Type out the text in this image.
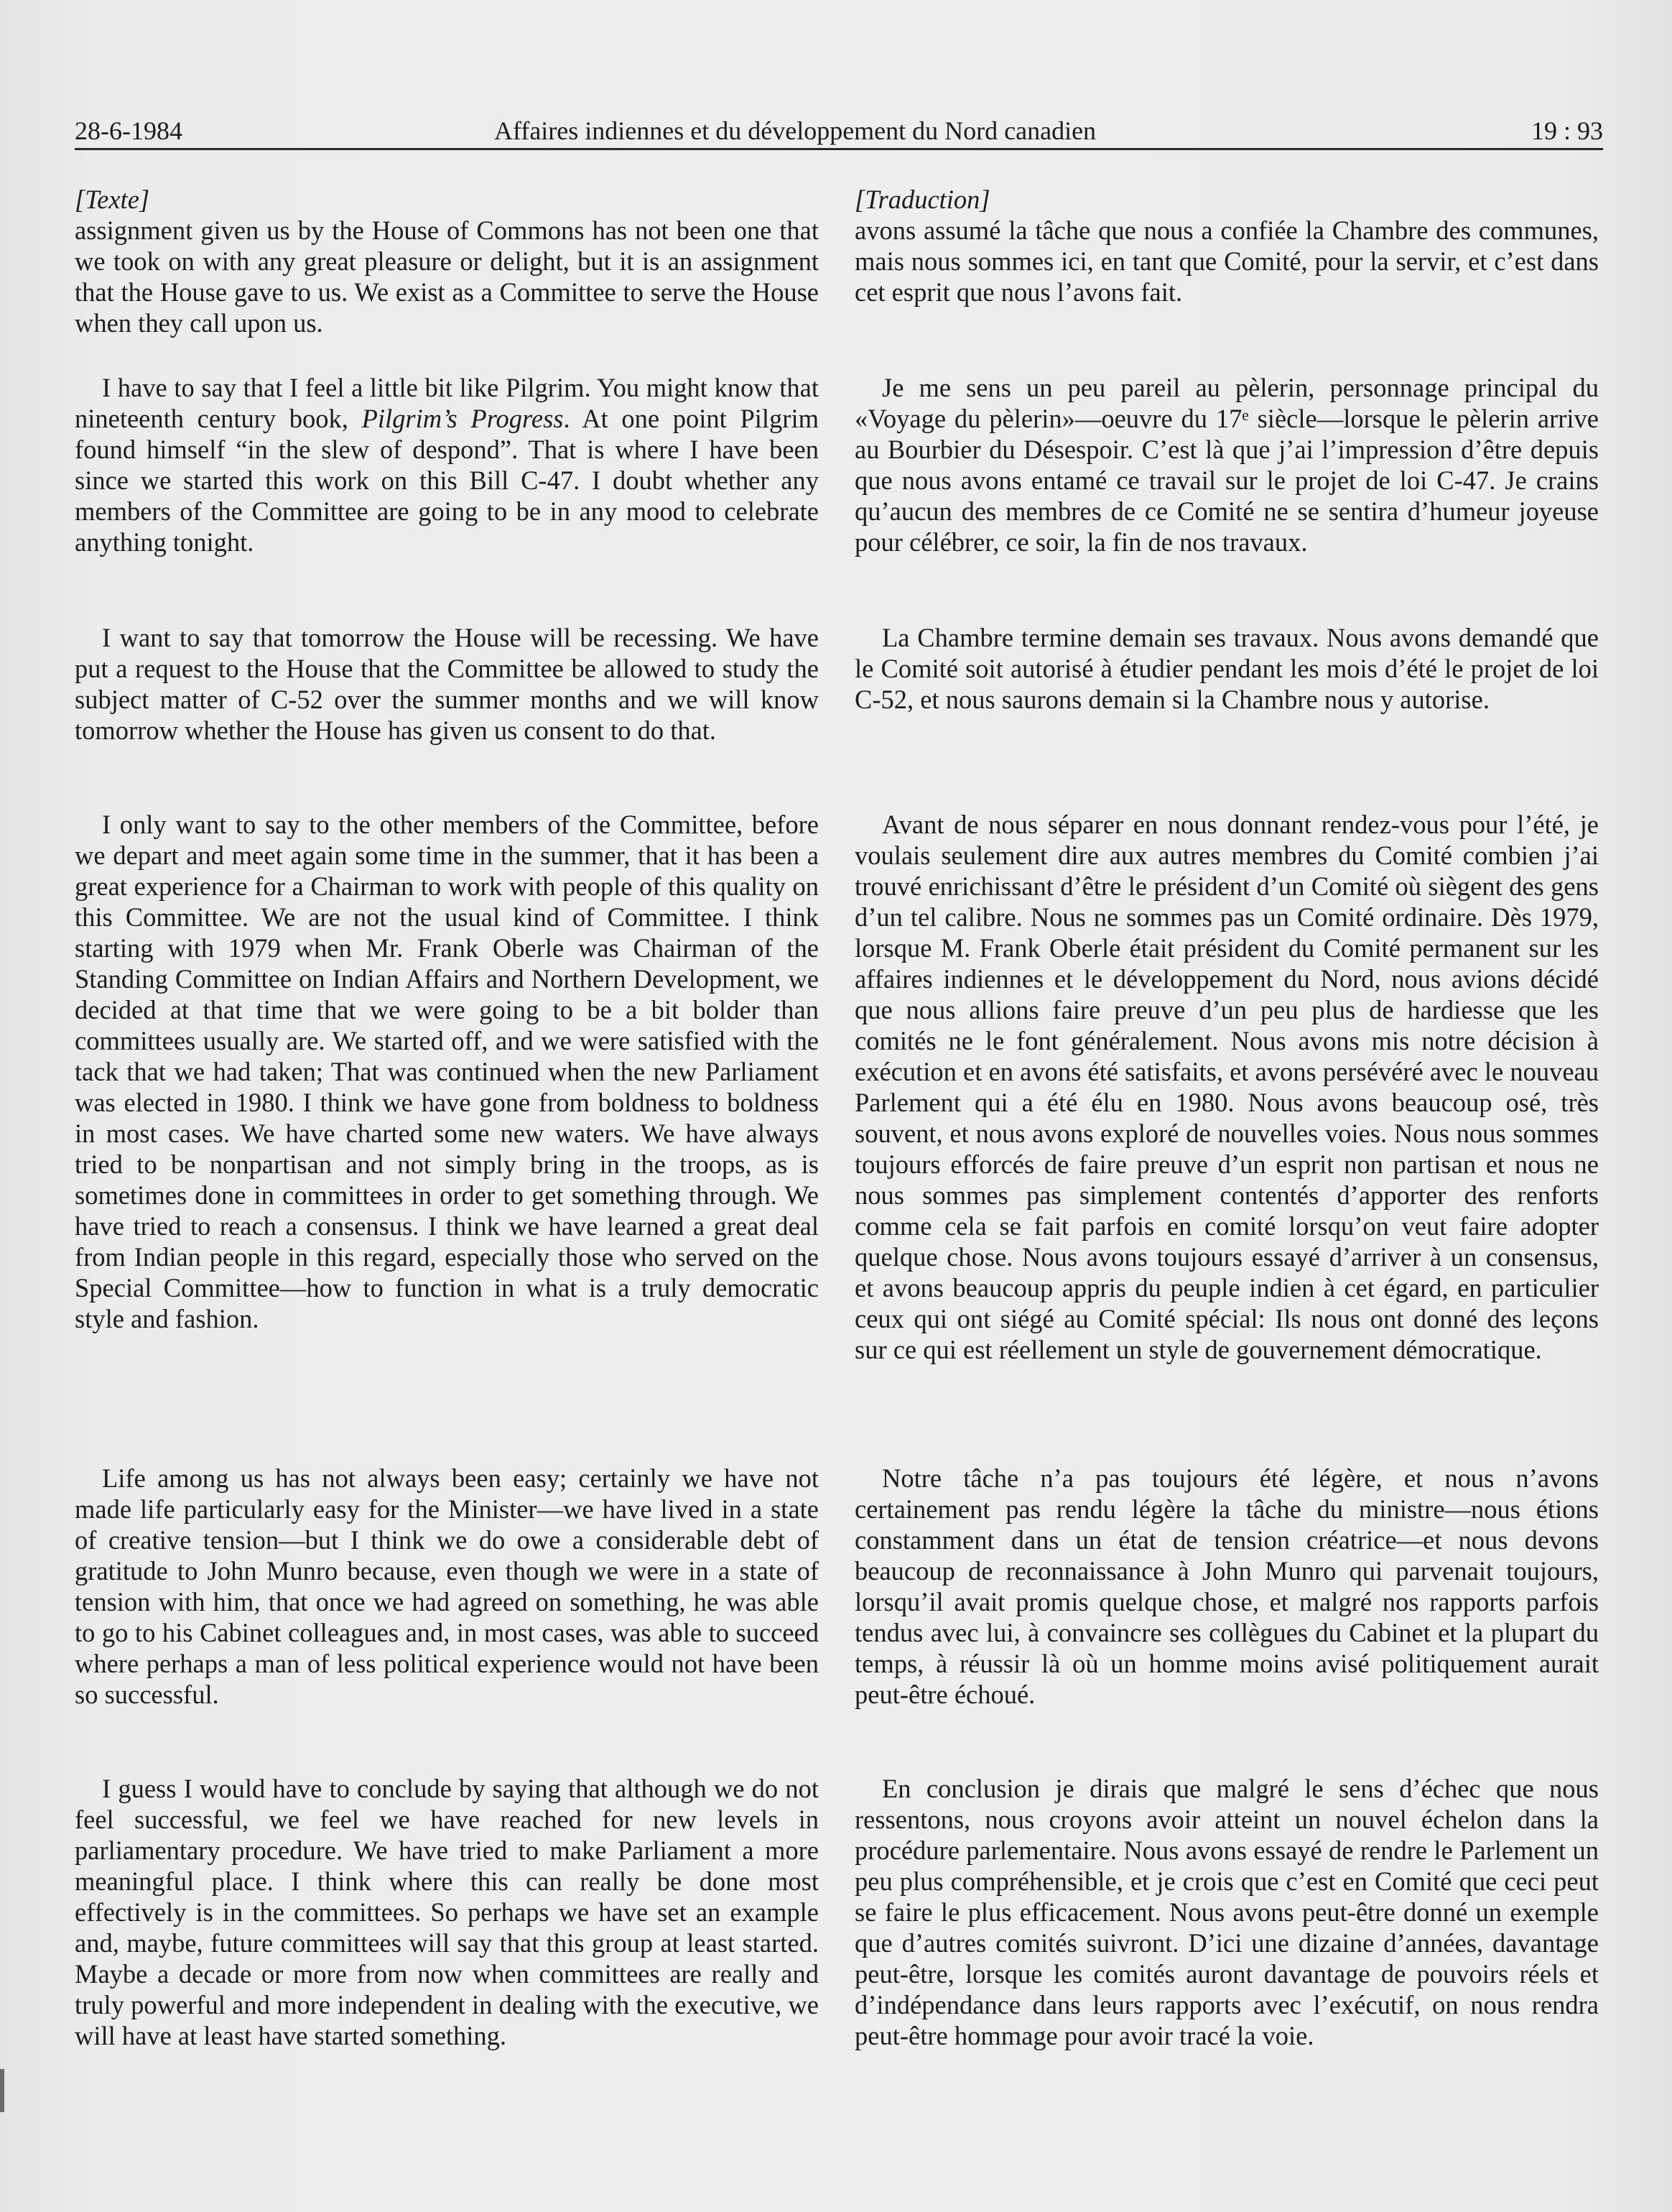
28-6-1984	Affaires indiennes et du développement du Nord canadien	19 : 93
[Texte]

assignment given us by the House of Commons has not been one that we took on with any great pleasure or delight, but it is an assignment that the House gave to us. We exist as a Committee to serve the House when they call upon us.

I have to say that I feel a little bit like Pilgrim. You might know that nineteenth century book, Pilgrim’s Progress. At one point Pilgrim found himself “in the slew of despond”. That is where I have been since we started this work on this Bill C-47. I doubt whether any members of the Committee are going to be in any mood to celebrate anything tonight.

I want to say that tomorrow the House will be recessing. We have put a request to the House that the Committee be allowed to study the subject matter of C-52 over the summer months and we will know tomorrow whether the House has given us consent to do that.

I only want to say to the other members of the Committee, before we depart and meet again some time in the summer, that it has been a great experience for a Chairman to work with people of this quality on this Committee. We are not the usual kind of Committee. I think starting with 1979 when Mr. Frank Oberle was Chairman of the Standing Committee on Indian Affairs and Northern Development, we decided at that time that we were going to be a bit bolder than committees usually are. We started off, and we were satisfied with the tack that we had taken; That was continued when the new Parliament was elected in 1980. I think we have gone from boldness to boldness in most cases. We have charted some new waters. We have always tried to be nonpartisan and not simply bring in the troops, as is sometimes done in committees in order to get something through. We have tried to reach a consensus. I think we have learned a great deal from Indian people in this regard, especially those who served on the Special Committee—how to function in what is a truly democratic style and fashion.

Life among us has not always been easy; certainly we have not made life particularly easy for the Minister—we have lived in a state of creative tension—but I think we do owe a considerable debt of gratitude to John Munro because, even though we were in a state of tension with him, that once we had agreed on something, he was able to go to his Cabinet colleagues and, in most cases, was able to succeed where perhaps a man of less political experience would not have been so successful.

I guess I would have to conclude by saying that although we do not feel successful, we feel we have reached for new levels in parliamentary procedure. We have tried to make Parliament a more meaningful place. I think where this can really be done most effectively is in the committees. So perhaps we have set an example and, maybe, future committees will say that this group at least started. Maybe a decade or more from now when committees are really and truly powerful and more independent in dealing with the executive, we will have at least have started something.

[Traduction]

avons assumé la tâche que nous a confiée la Chambre des communes, mais nous sommes ici, en tant que Comité, pour la servir, et c’est dans cet esprit que nous l’avons fait.

Je me sens un peu pareil au pèlerin, personnage principal du «Voyage du pèlerin»—oeuvre du 17ᵉ siècle—lorsque le pèlerin arrive au Bourbier du Désespoir. C’est là que j’ai l’impression d’être depuis que nous avons entamé ce travail sur le projet de loi C-47. Je crains qu’aucun des membres de ce Comité ne se sentira d’humeur joyeuse pour célébrer, ce soir, la fin de nos travaux.

La Chambre termine demain ses travaux. Nous avons demandé que le Comité soit autorisé à étudier pendant les mois d’été le projet de loi C-52, et nous saurons demain si la Chambre nous y autorise.

Avant de nous séparer en nous donnant rendez-vous pour l’été, je voulais seulement dire aux autres membres du Comité combien j’ai trouvé enrichissant d’être le président d’un Comité où siègent des gens d’un tel calibre. Nous ne sommes pas un Comité ordinaire. Dès 1979, lorsque M. Frank Oberle était président du Comité permanent sur les affaires indiennes et le développement du Nord, nous avions décidé que nous allions faire preuve d’un peu plus de hardiesse que les comités ne le font généralement. Nous avons mis notre décision à exécution et en avons été satisfaits, et avons persévéré avec le nouveau Parlement qui a été élu en 1980. Nous avons beaucoup osé, très souvent, et nous avons exploré de nouvelles voies. Nous nous sommes toujours efforcés de faire preuve d’un esprit non partisan et nous ne nous sommes pas simplement contentés d’apporter des renforts comme cela se fait parfois en comité lorsqu’on veut faire adopter quelque chose. Nous avons toujours essayé d’arriver à un consensus, et avons beaucoup appris du peuple indien à cet égard, en particulier ceux qui ont siégé au Comité spécial: Ils nous ont donné des leçons sur ce qui est réellement un style de gouvernement démocratique.

Notre tâche n’a pas toujours été légère, et nous n’avons certainement pas rendu légère la tâche du ministre—nous étions constamment dans un état de tension créatrice—et nous devons beaucoup de reconnaissance à John Munro qui parvenait toujours, lorsqu’il avait promis quelque chose, et malgré nos rapports parfois tendus avec lui, à convaincre ses collègues du Cabinet et la plupart du temps, à réussir là où un homme moins avisé politiquement aurait peut-être échoué.

En conclusion je dirais que malgré le sens d’échec que nous ressentons, nous croyons avoir atteint un nouvel échelon dans la procédure parlementaire. Nous avons essayé de rendre le Parlement un peu plus compréhensible, et je crois que c’est en Comité que ceci peut se faire le plus efficacement. Nous avons peut-être donné un exemple que d’autres comités suivront. D’ici une dizaine d’années, davantage peut-être, lorsque les comités auront davantage de pouvoirs réels et d’indépendance dans leurs rapports avec l’exécutif, on nous rendra peut-être hommage pour avoir tracé la voie.
